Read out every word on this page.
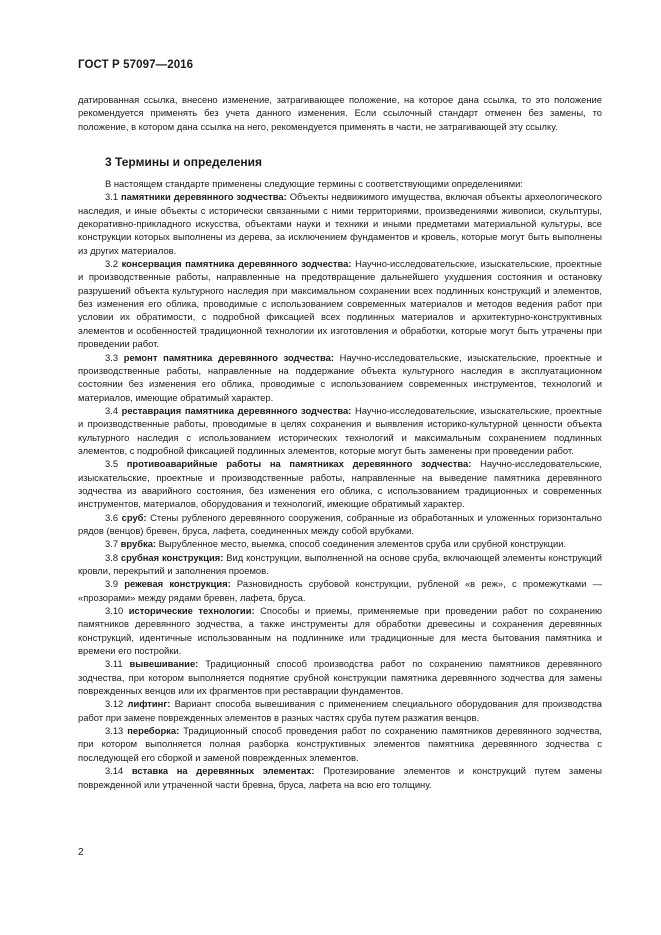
ГОСТ Р 57097—2016

датированная ссылка, внесено изменение, затрагивающее положение, на которое дана ссылка, то это положение рекомендуется применять без учета данного изменения. Если ссылочный стандарт отменен без замены, то положение, в котором дана ссылка на него, рекомендуется применять в части, не затрагивающей эту ссылку.

3 Термины и определения

В настоящем стандарте применены следующие термины с соответствующими определениями:

3.1 памятники деревянного зодчества: Объекты недвижимого имущества, включая объекты археологического наследия, и иные объекты с исторически связанными с ними территориями, произведениями живописи, скульптуры, декоративно-прикладного искусства, объектами науки и техники и иными предметами материальной культуры, все конструкции которых выполнены из дерева, за исключением фундаментов и кровель, которые могут быть выполнены из других материалов.

3.2 консервация памятника деревянного зодчества: Научно-исследовательские, изыскательские, проектные и производственные работы, направленные на предотвращение дальнейшего ухудшения состояния и остановку разрушений объекта культурного наследия при максимальном сохранении всех подлинных конструкций и элементов, без изменения его облика, проводимые с использованием современных материалов и методов ведения работ при условии их обратимости, с подробной фиксацией всех подлинных материалов и архитектурно-конструктивных элементов и особенностей традиционной технологии их изготовления и обработки, которые могут быть утрачены при проведении работ.

3.3 ремонт памятника деревянного зодчества: Научно-исследовательские, изыскательские, проектные и производственные работы, направленные на поддержание объекта культурного наследия в эксплуатационном состоянии без изменения его облика, проводимые с использованием современных инструментов, технологий и материалов, имеющие обратимый характер.

3.4 реставрация памятника деревянного зодчества: Научно-исследовательские, изыскательские, проектные и производственные работы, проводимые в целях сохранения и выявления историко-культурной ценности объекта культурного наследия с использованием исторических технологий и максимальным сохранением подлинных элементов, с подробной фиксацией подлинных элементов, которые могут быть заменены при проведении работ.

3.5 противоаварийные работы на памятниках деревянного зодчества: Научно-исследовательские, изыскательские, проектные и производственные работы, направленные на выведение памятника деревянного зодчества из аварийного состояния, без изменения его облика, с использованием традиционных и современных инструментов, материалов, оборудования и технологий, имеющие обратимый характер.

3.6 сруб: Стены рубленого деревянного сооружения, собранные из обработанных и уложенных горизонтально рядов (венцов) бревен, бруса, лафета, соединенных между собой врубками.

3.7 врубка: Вырубленное место, выемка, способ соединения элементов сруба или срубной конструкции.

3.8 срубная конструкция: Вид конструкции, выполненной на основе сруба, включающей элементы конструкций кровли, перекрытий и заполнения проемов.

3.9 режевая конструкция: Разновидность срубовой конструкции, рубленой «в реж», с промежутками — «прозорами» между рядами бревен, лафета, бруса.

3.10 исторические технологии: Способы и приемы, применяемые при проведении работ по сохранению памятников деревянного зодчества, а также инструменты для обработки древесины и сохранения деревянных конструкций, идентичные использованным на подлиннике или традиционные для места бытования памятника и времени его постройки.

3.11 вывешивание: Традиционный способ производства работ по сохранению памятников деревянного зодчества, при котором выполняется поднятие срубной конструкции памятника деревянного зодчества для замены поврежденных венцов или их фрагментов при реставрации фундаментов.

3.12 лифтинг: Вариант способа вывешивания с применением специального оборудования для производства работ при замене поврежденных элементов в разных частях сруба путем разжатия венцов.

3.13 переборка: Традиционный способ проведения работ по сохранению памятников деревянного зодчества, при котором выполняется полная разборка конструктивных элементов памятника деревянного зодчества с последующей его сборкой и заменой поврежденных элементов.

3.14 вставка на деревянных элементах: Протезирование элементов и конструкций путем замены поврежденной или утраченной части бревна, бруса, лафета на всю его толщину.

2
